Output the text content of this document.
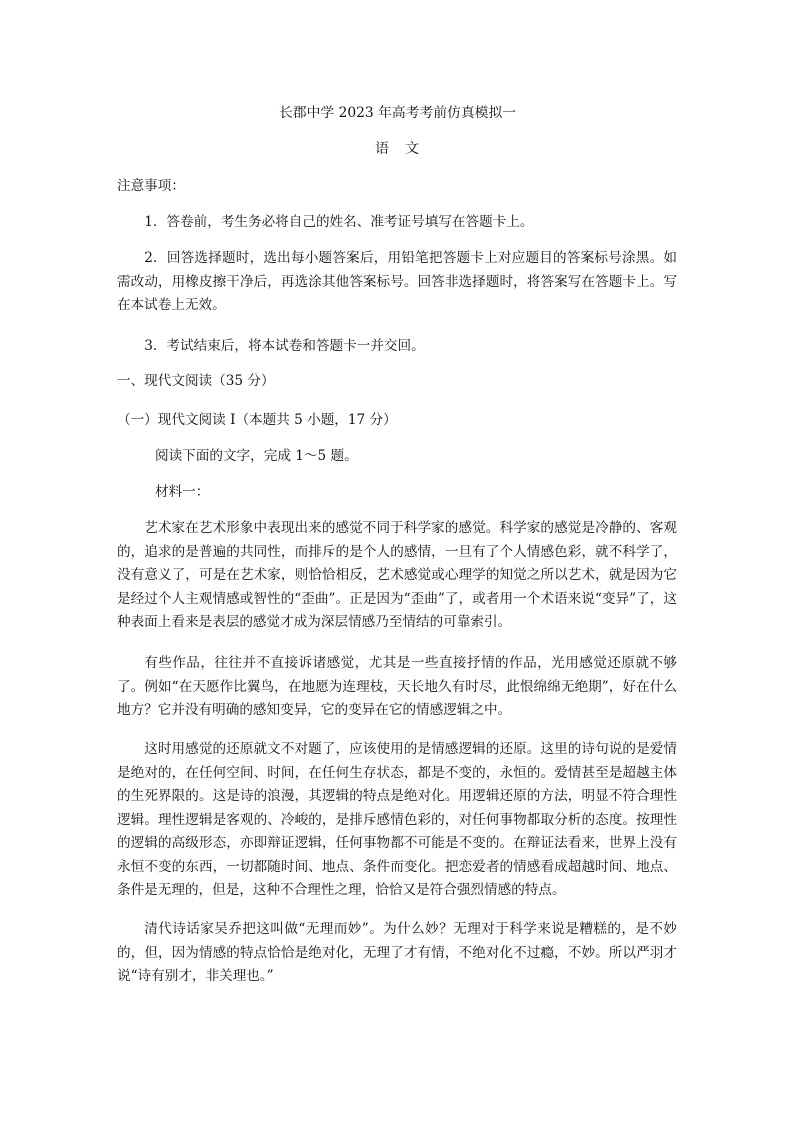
长郡中学 2023 年高考考前仿真模拟一
语　文
注意事项：
1．答卷前，考生务必将自己的姓名、准考证号填写在答题卡上。
2．回答选择题时，选出每小题答案后，用铅笔把答题卡上对应题目的答案标号涂黑。如需改动，用橡皮擦干净后，再选涂其他答案标号。回答非选择题时，将答案写在答题卡上。写在本试卷上无效。
3．考试结束后，将本试卷和答题卡一并交回。
一、现代文阅读（35 分）
（一）现代文阅读 I（本题共 5 小题，17 分）
阅读下面的文字，完成 1～5 题。
材料一：
艺术家在艺术形象中表现出来的感觉不同于科学家的感觉。科学家的感觉是冷静的、客观的，追求的是普遍的共同性，而排斥的是个人的感情，一旦有了个人情感色彩，就不科学了，没有意义了，可是在艺术家，则恰恰相反，艺术感觉或心理学的知觉之所以艺术，就是因为它是经过个人主观情感或智性的“歪曲”。正是因为“歪曲”了，或者用一个术语来说“变异”了，这种表面上看来是表层的感觉才成为深层情感乃至情结的可靠索引。
有些作品，往往并不直接诉诸感觉，尤其是一些直接抒情的作品，光用感觉还原就不够了。例如“在天愿作比翼鸟，在地愿为连理枝，天长地久有时尽，此恨绵绵无绝期”，好在什么地方？它并没有明确的感知变异，它的变异在它的情感逻辑之中。
这时用感觉的还原就文不对题了，应该使用的是情感逻辑的还原。这里的诗句说的是爱情是绝对的，在任何空间、时间，在任何生存状态，都是不变的，永恒的。爱情甚至是超越主体的生死界限的。这是诗的浪漫，其逻辑的特点是绝对化。用逻辑还原的方法，明显不符合理性逻辑。理性逻辑是客观的、冷峻的，是排斥感情色彩的，对任何事物都取分析的态度。按理性的逻辑的高级形态，亦即辩证逻辑，任何事物都不可能是不变的。在辩证法看来，世界上没有永恒不变的东西，一切都随时间、地点、条件而变化。把恋爱者的情感看成超越时间、地点、条件是无理的，但是，这种不合理性之理，恰恰又是符合强烈情感的特点。
清代诗话家吴乔把这叫做“无理而妙”。为什么妙？无理对于科学来说是糟糕的，是不妙的，但，因为情感的特点恰恰是绝对化，无理了才有情，不绝对化不过瘾，不妙。所以严羽才说“诗有别才，非关理也。”
